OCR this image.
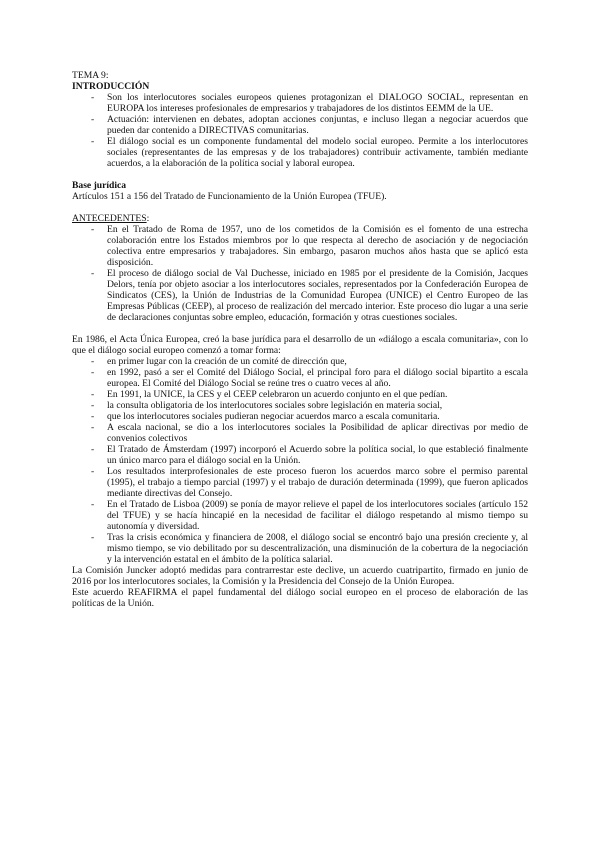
TEMA 9:

INTRODUCCIÓN

- Son los interlocutores sociales europeos quienes protagonizan el DIALOGO SOCIAL, representan en EUROPA los intereses profesionales de empresarios y trabajadores de los distintos EEMM de la UE.
- Actuación: intervienen en debates, adoptan acciones conjuntas, e incluso llegan a negociar acuerdos que pueden dar contenido a DIRECTIVAS comunitarias.
- El diálogo social es un componente fundamental del modelo social europeo. Permite a los interlocutores sociales (representantes de las empresas y de los trabajadores) contribuir activamente, también mediante acuerdos, a la elaboración de la política social y laboral europea.

Base jurídica

Artículos 151 a 156 del Tratado de Funcionamiento de la Unión Europea (TFUE).

ANTECEDENTES:

- En el Tratado de Roma de 1957, uno de los cometidos de la Comisión es el fomento de una estrecha colaboración entre los Estados miembros por lo que respecta al derecho de asociación y de negociación colectiva entre empresarios y trabajadores. Sin embargo, pasaron muchos años hasta que se aplicó esta disposición.
- El proceso de diálogo social de Val Duchesse, iniciado en 1985 por el presidente de la Comisión, Jacques Delors, tenía por objeto asociar a los interlocutores sociales, representados por la Confederación Europea de Sindicatos (CES), la Unión de Industrias de la Comunidad Europea (UNICE) el Centro Europeo de las Empresas Públicas (CEEP), al proceso de realización del mercado interior. Este proceso dio lugar a una serie de declaraciones conjuntas sobre empleo, educación, formación y otras cuestiones sociales.

En 1986, el Acta Única Europea, creó la base jurídica para el desarrollo de un «diálogo a escala comunitaria», con lo que el diálogo social europeo comenzó a tomar forma:

- en primer lugar con la creación de un comité de dirección que,
- en 1992, pasó a ser el Comité del Diálogo Social, el principal foro para el diálogo social bipartito a escala europea. El Comité del Diálogo Social se reúne tres o cuatro veces al año.
- En 1991, la UNICE, la CES y el CEEP celebraron un acuerdo conjunto en el que pedían.
- la consulta obligatoria de los interlocutores sociales sobre legislación en materia social,
- que los interlocutores sociales pudieran negociar acuerdos marco a escala comunitaria.
- A escala nacional, se dio a los interlocutores sociales la Posibilidad de aplicar directivas por medio de convenios colectivos
- El Tratado de Ámsterdam (1997) incorporó el Acuerdo sobre la política social, lo que estableció finalmente un único marco para el diálogo social en la Unión.
- Los resultados interprofesionales de este proceso fueron los acuerdos marco sobre el permiso parental (1995), el trabajo a tiempo parcial (1997) y el trabajo de duración determinada (1999), que fueron aplicados mediante directivas del Consejo.
- En el Tratado de Lisboa (2009) se ponía de mayor relieve el papel de los interlocutores sociales (artículo 152 del TFUE) y se hacía hincapié en la necesidad de facilitar el diálogo respetando al mismo tiempo su autonomía y diversidad.
- Tras la crisis económica y financiera de 2008, el diálogo social se encontró bajo una presión creciente y, al mismo tiempo, se vio debilitado por su descentralización, una disminución de la cobertura de la negociación y la intervención estatal en el ámbito de la política salarial.

La Comisión Juncker adoptó medidas para contrarrestar este declive, un acuerdo cuatripartito, firmado en junio de 2016 por los interlocutores sociales, la Comisión y la Presidencia del Consejo de la Unión Europea.

Este acuerdo REAFIRMA el papel fundamental del diálogo social europeo en el proceso de elaboración de las políticas de la Unión.
